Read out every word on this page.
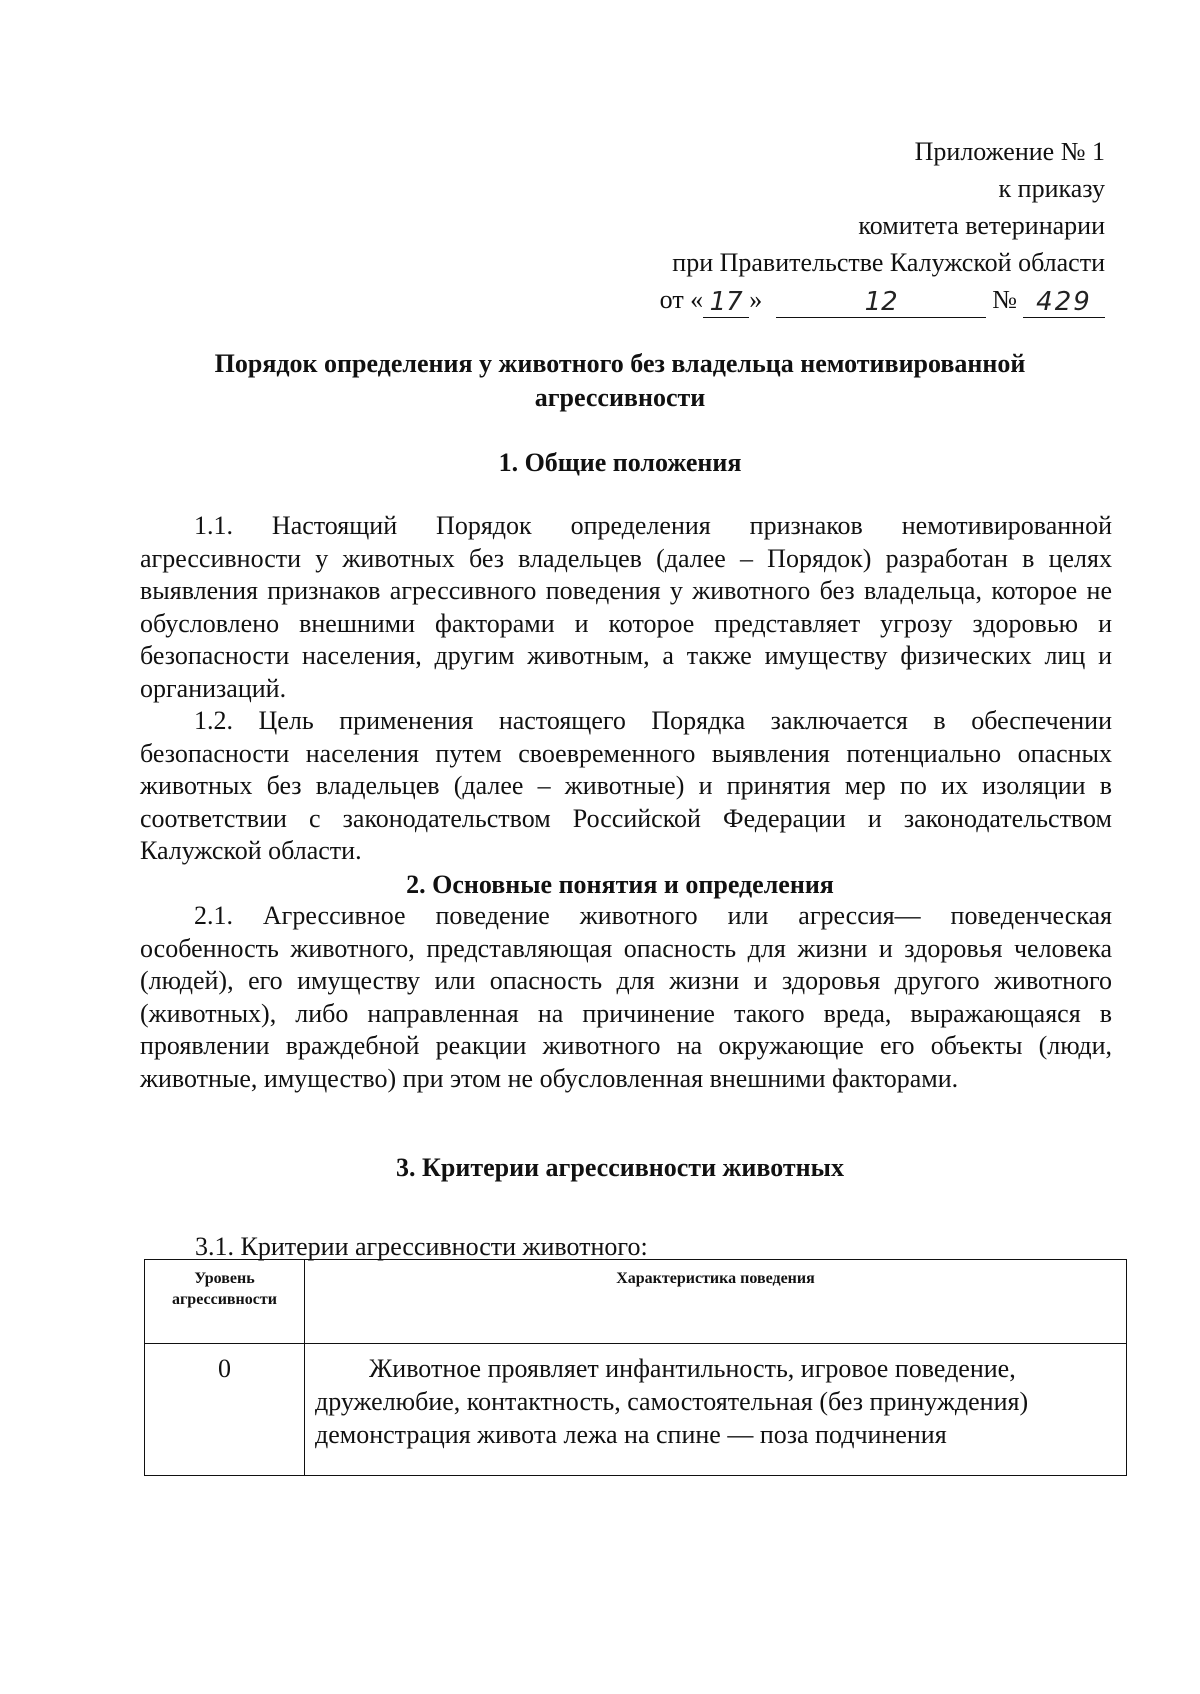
Приложение № 1
к приказу
комитета ветеринарии
при Правительстве Калужской области
от « 17 »	12	№ 429
Порядок определения у животного без владельца немотивированной агрессивности
1. Общие положения

1.1. Настоящий Порядок определения признаков немотивированной агрессивности у животных без владельцев (далее – Порядок) разработан в целях выявления признаков агрессивного поведения у животного без владельца, которое не обусловлено внешними факторами и которое представляет угрозу здоровью и безопасности населения, другим животным, а также имуществу физических лиц и организаций.

1.2. Цель применения настоящего Порядка заключается в обеспечении безопасности населения путем своевременного выявления потенциально опасных животных без владельцев (далее – животные) и принятия мер по их изоляции в соответствии с законодательством Российской Федерации и законодательством Калужской области.

2. Основные понятия и определения

2.1. Агрессивное поведение животного или агрессия— поведенческая особенность животного, представляющая опасность для жизни и здоровья человека (людей), его имуществу или опасность для жизни и здоровья другого животного (животных), либо направленная на причинение такого вреда, выражающаяся в проявлении враждебной реакции животного на окружающие его объекты (люди, животные, имущество) при этом не обусловленная внешними факторами.

3. Критерии агрессивности животных
3.1. Критерии агрессивности животного:
Уровень агрессивности	Характеристика поведения
0	Животное проявляет инфантильность, игровое поведение, дружелюбие, контактность, самостоятельная (без принуждения) демонстрация живота лежа на спине — поза подчинения
